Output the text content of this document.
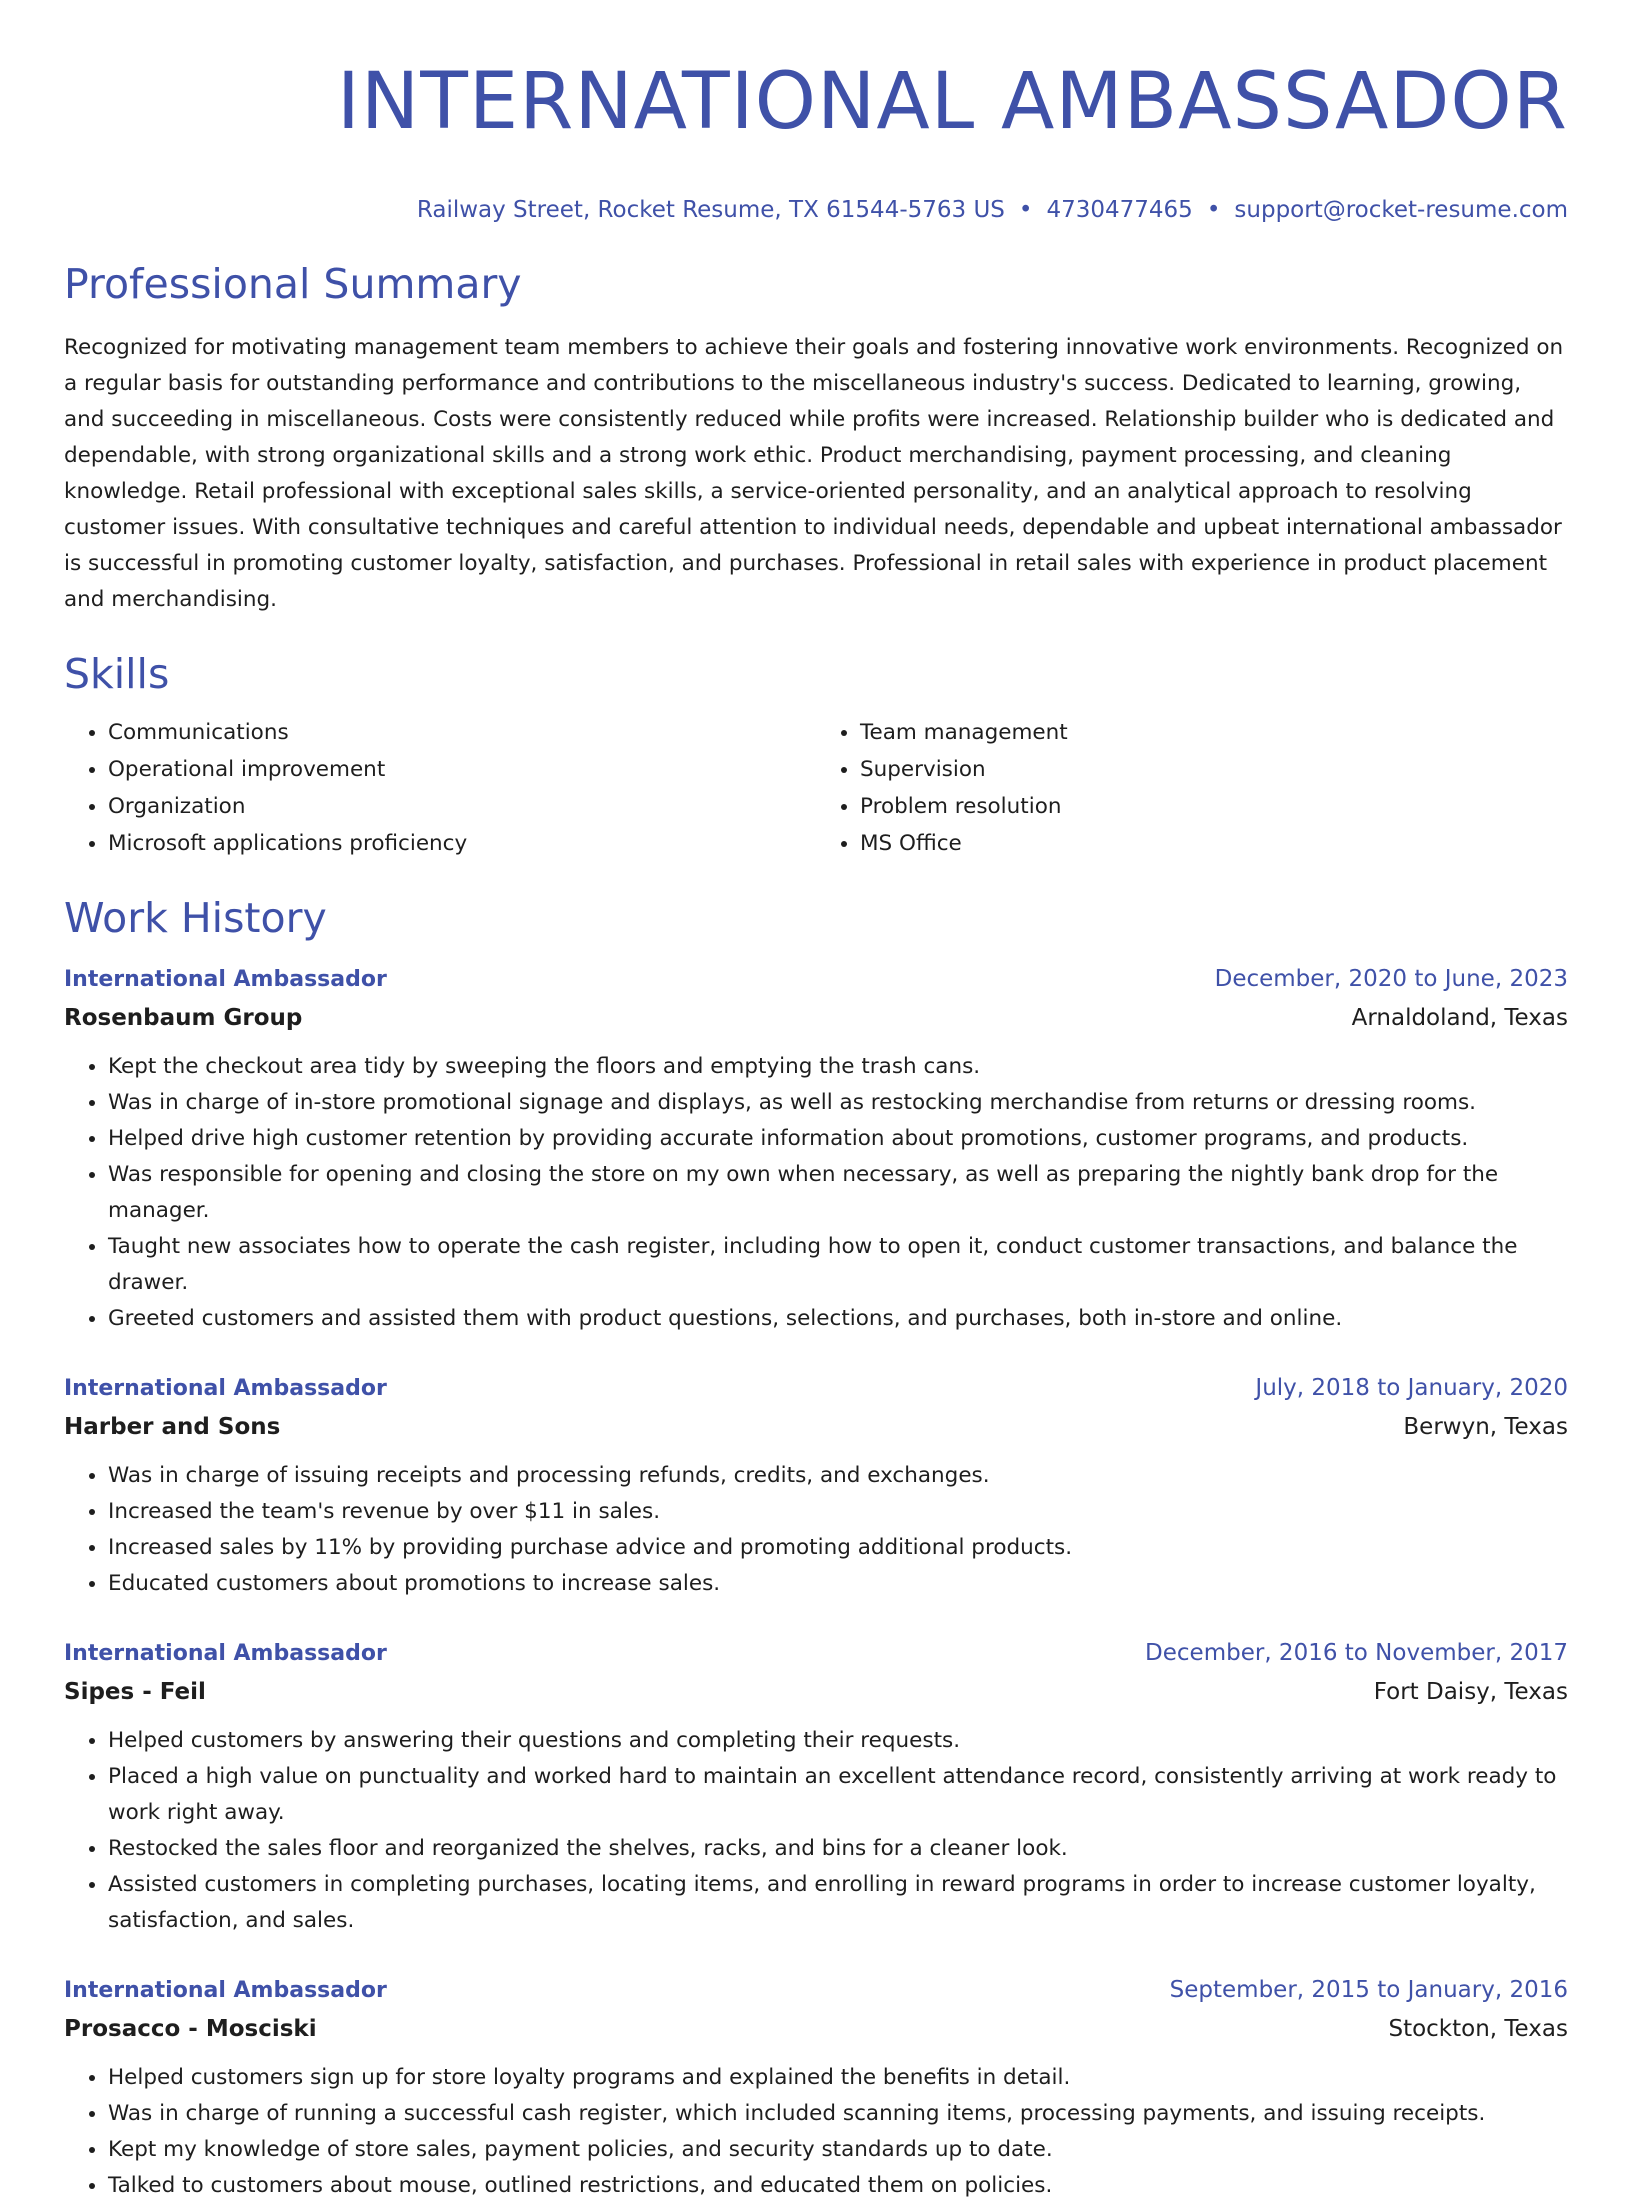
INTERNATIONAL AMBASSADOR
Railway Street, Rocket Resume, TX 61544-5763 US • 4730477465 • support@rocket-resume.com
Professional Summary
Recognized for motivating management team members to achieve their goals and fostering innovative work environments. Recognized on a regular basis for outstanding performance and contributions to the miscellaneous industry's success. Dedicated to learning, growing, and succeeding in miscellaneous. Costs were consistently reduced while profits were increased. Relationship builder who is dedicated and dependable, with strong organizational skills and a strong work ethic. Product merchandising, payment processing, and cleaning knowledge. Retail professional with exceptional sales skills, a service-oriented personality, and an analytical approach to resolving customer issues. With consultative techniques and careful attention to individual needs, dependable and upbeat international ambassador is successful in promoting customer loyalty, satisfaction, and purchases. Professional in retail sales with experience in product placement and merchandising.
Skills
• Communications
• Operational improvement
• Organization
• Microsoft applications proficiency
• Team management
• Supervision
• Problem resolution
• MS Office
Work History
International Ambassador	December, 2020 to June, 2023
Rosenbaum Group	Arnaldoland, Texas
• Kept the checkout area tidy by sweeping the floors and emptying the trash cans.
• Was in charge of in-store promotional signage and displays, as well as restocking merchandise from returns or dressing rooms.
• Helped drive high customer retention by providing accurate information about promotions, customer programs, and products.
• Was responsible for opening and closing the store on my own when necessary, as well as preparing the nightly bank drop for the manager.
• Taught new associates how to operate the cash register, including how to open it, conduct customer transactions, and balance the drawer.
• Greeted customers and assisted them with product questions, selections, and purchases, both in-store and online.
International Ambassador	July, 2018 to January, 2020
Harber and Sons	Berwyn, Texas
• Was in charge of issuing receipts and processing refunds, credits, and exchanges.
• Increased the team's revenue by over $11 in sales.
• Increased sales by 11% by providing purchase advice and promoting additional products.
• Educated customers about promotions to increase sales.
International Ambassador	December, 2016 to November, 2017
Sipes - Feil	Fort Daisy, Texas
• Helped customers by answering their questions and completing their requests.
• Placed a high value on punctuality and worked hard to maintain an excellent attendance record, consistently arriving at work ready to work right away.
• Restocked the sales floor and reorganized the shelves, racks, and bins for a cleaner look.
• Assisted customers in completing purchases, locating items, and enrolling in reward programs in order to increase customer loyalty, satisfaction, and sales.
International Ambassador	September, 2015 to January, 2016
Prosacco - Mosciski	Stockton, Texas
• Helped customers sign up for store loyalty programs and explained the benefits in detail.
• Was in charge of running a successful cash register, which included scanning items, processing payments, and issuing receipts.
• Kept my knowledge of store sales, payment policies, and security standards up to date.
• Talked to customers about mouse, outlined restrictions, and educated them on policies.
